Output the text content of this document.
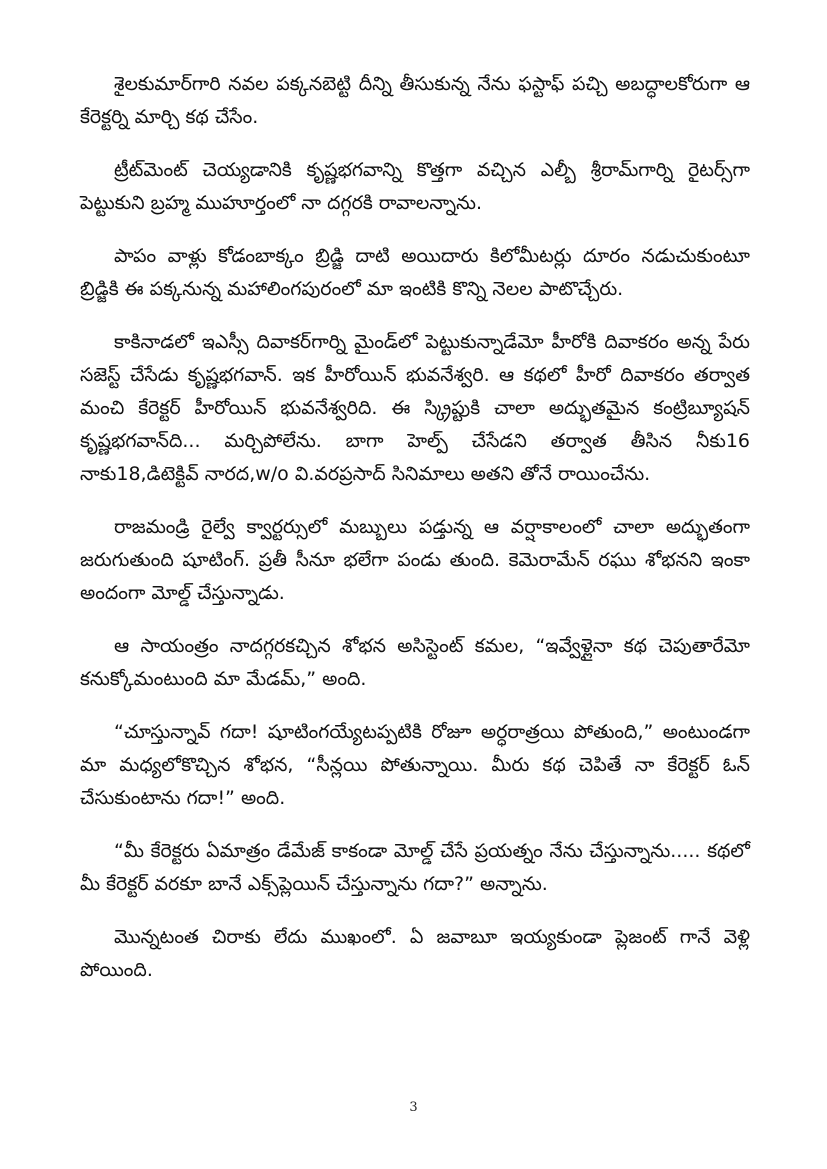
శైలకుమార్‌గారి నవల పక్కనబెట్టి దీన్ని తీసుకున్న నేను ఫస్టాఫ్ పచ్చి అబద్ధాలకోరుగా ఆ కేరెక్టర్ని మార్చి కథ చేసేం.

ట్రీట్‌మెంట్ చెయ్యడానికి కృష్ణభగవాన్ని కొత్తగా వచ్చిన ఎల్బీ శ్రీరామ్‌గార్ని రైటర్స్‌గా పెట్టుకుని బ్రహ్మ ముహూర్తంలో నా దగ్గరకి రావాలన్నాను.

పాపం వాళ్లు కోడంబాక్కం బ్రిడ్జి దాటి అయిదారు కిలోమీటర్లు దూరం నడుచుకుంటూ బ్రిడ్జికి ఈ పక్కనున్న మహాలింగపురంలో మా ఇంటికి కొన్ని నెలల పాటొచ్చేరు.

కాకినాడలో ఇఎస్సీ దివాకర్‌గార్ని మైండ్‌లో పెట్టుకున్నాడేమో హీరోకి దివాకరం అన్న పేరు సజెస్ట్ చేసేడు కృష్ణభగవాన్. ఇక హీరోయిన్ భువనేశ్వరి. ఆ కథలో హీరో దివాకరం తర్వాత మంచి కేరెక్టర్ హీరోయిన్ భువనేశ్వరిది. ఈ స్క్రిప్టుకి చాలా అద్భుతమైన కంట్రిబ్యూషన్ కృష్ణభగవాన్‌ది... మర్చిపోలేను. బాగా హెల్ప్ చేసేడని తర్వాత తీసిన నీకు16 నాకు18,డిటెక్టివ్ నారద,w/o వి.వరప్రసాద్ సినిమాలు అతని తోనే రాయించేను.

రాజమండ్రి రైల్వే క్వార్టర్సులో మబ్బులు పడ్తున్న ఆ వర్షాకాలంలో చాలా అద్భుతంగా జరుగుతుంది షూటింగ్. ప్రతీ సీనూ భలేగా పండు తుంది. కెమెరామేన్ రఘు శోభనని ఇంకా అందంగా మోల్డ్ చేస్తున్నాడు.

ఆ సాయంత్రం నాదగ్గరకచ్చిన శోభన అసిస్టెంట్ కమల, “ఇవ్వేళ్లైనా కథ చెపుతారేమో కనుక్కోమంటుంది మా మేడమ్,” అంది.

“చూస్తున్నావ్ గదా! షూటింగయ్యేటప్పటికి రోజూ అర్ధరాత్రయి పోతుంది,” అంటుండగా మా మధ్యలోకొచ్చిన శోభన, “సీన్లయి పోతున్నాయి. మీరు కథ చెపితే నా కేరెక్టర్ ఓన్ చేసుకుంటాను గదా!” అంది.

“మీ కేరెక్టరు ఏమాత్రం డేమేజ్ కాకండా మోల్డ్ చేసే ప్రయత్నం నేను చేస్తున్నాను..... కథలో మీ కేరెక్టర్ వరకూ బానే ఎక్స్‌ప్లెయిన్ చేస్తున్నాను గదా?” అన్నాను.

మొన్నటంత చిరాకు లేదు ముఖంలో. ఏ జవాబూ ఇయ్యకుండా ప్లెజంట్ గానే వెళ్లి పోయింది.

3
